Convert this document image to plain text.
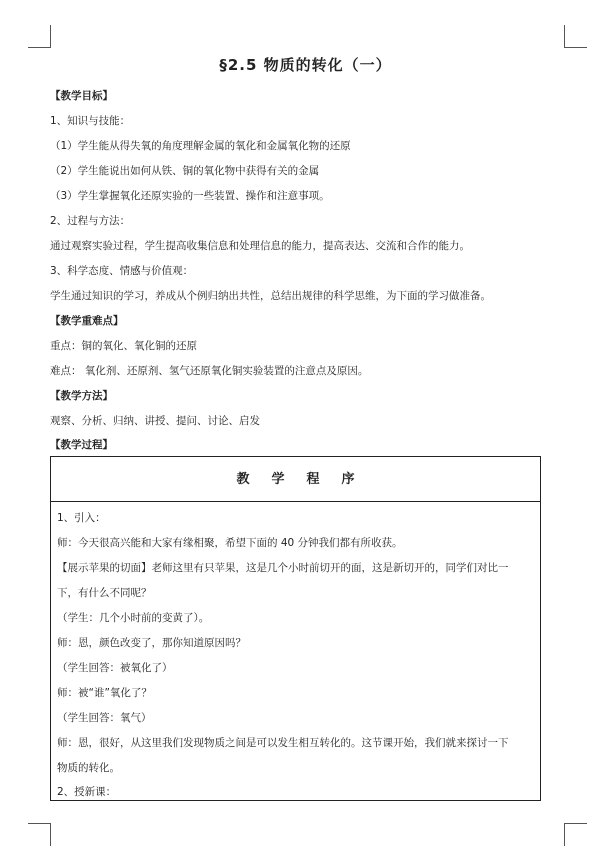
§2.5 物质的转化（一）
【教学目标】
1、知识与技能：
（1）学生能从得失氧的角度理解金属的氧化和金属氧化物的还原
（2）学生能说出如何从铁、铜的氧化物中获得有关的金属
（3）学生掌握氧化还原实验的一些装置、操作和注意事项。
2、过程与方法：
通过观察实验过程，学生提高收集信息和处理信息的能力，提高表达、交流和合作的能力。
3、科学态度、情感与价值观：
学生通过知识的学习，养成从个例归纳出共性，总结出规律的科学思维，为下面的学习做准备。
【教学重难点】
重点：铜的氧化、氧化铜的还原
难点： 氧化剂、还原剂、氢气还原氧化铜实验装置的注意点及原因。
【教学方法】
观察、分析、归纳、讲授、提问、讨论、启发
【教学过程】
教学程序
1、引入：
师：今天很高兴能和大家有缘相聚，希望下面的 40 分钟我们都有所收获。
【展示苹果的切面】老师这里有只苹果，这是几个小时前切开的面，这是新切开的，同学们对比一
下，有什么不同呢？
（学生：几个小时前的变黄了）。
师：恩，颜色改变了，那你知道原因吗？
（学生回答：被氧化了）
师：被“谁”氧化了？
（学生回答：氧气）
师：恩，很好，从这里我们发现物质之间是可以发生相互转化的。这节课开始，我们就来探讨一下
物质的转化。
2、授新课：
